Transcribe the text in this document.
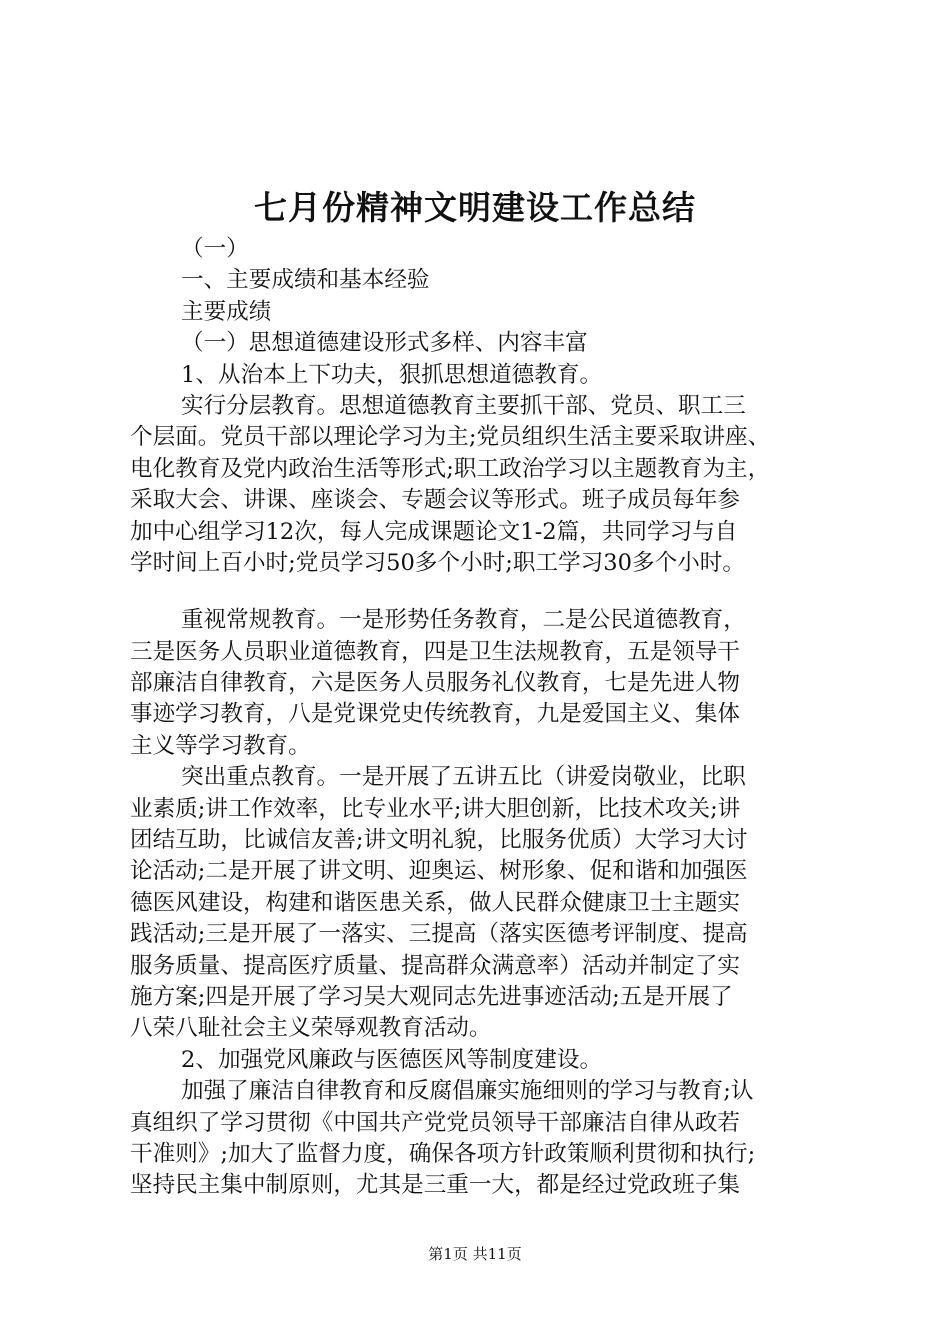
七月份精神文明建设工作总结
（一）
一、主要成绩和基本经验
主要成绩
（一）思想道德建设形式多样、内容丰富
1、从治本上下功夫，狠抓思想道德教育。
实行分层教育。思想道德教育主要抓干部、党员、职工三
个层面。党员干部以理论学习为主;党员组织生活主要采取讲座、
电化教育及党内政治生活等形式;职工政治学习以主题教育为主，
采取大会、讲课、座谈会、专题会议等形式。班子成员每年参
加中心组学习12次，每人完成课题论文1-2篇，共同学习与自
学时间上百小时;党员学习50多个小时;职工学习30多个小时。
重视常规教育。一是形势任务教育，二是公民道德教育，
三是医务人员职业道德教育，四是卫生法规教育，五是领导干
部廉洁自律教育，六是医务人员服务礼仪教育，七是先进人物
事迹学习教育，八是党课党史传统教育，九是爱国主义、集体
主义等学习教育。
突出重点教育。一是开展了五讲五比（讲爱岗敬业，比职
业素质;讲工作效率，比专业水平;讲大胆创新，比技术攻关;讲
团结互助，比诚信友善;讲文明礼貌，比服务优质）大学习大讨
论活动;二是开展了讲文明、迎奥运、树形象、促和谐和加强医
德医风建设，构建和谐医患关系，做人民群众健康卫士主题实
践活动;三是开展了一落实、三提高（落实医德考评制度、提高
服务质量、提高医疗质量、提高群众满意率）活动并制定了实
施方案;四是开展了学习吴大观同志先进事迹活动;五是开展了
八荣八耻社会主义荣辱观教育活动。
2、加强党风廉政与医德医风等制度建设。
加强了廉洁自律教育和反腐倡廉实施细则的学习与教育;认
真组织了学习贯彻《中国共产党党员领导干部廉洁自律从政若
干准则》;加大了监督力度，确保各项方针政策顺利贯彻和执行;
坚持民主集中制原则，尤其是三重一大，都是经过党政班子集
第1页 共11页
